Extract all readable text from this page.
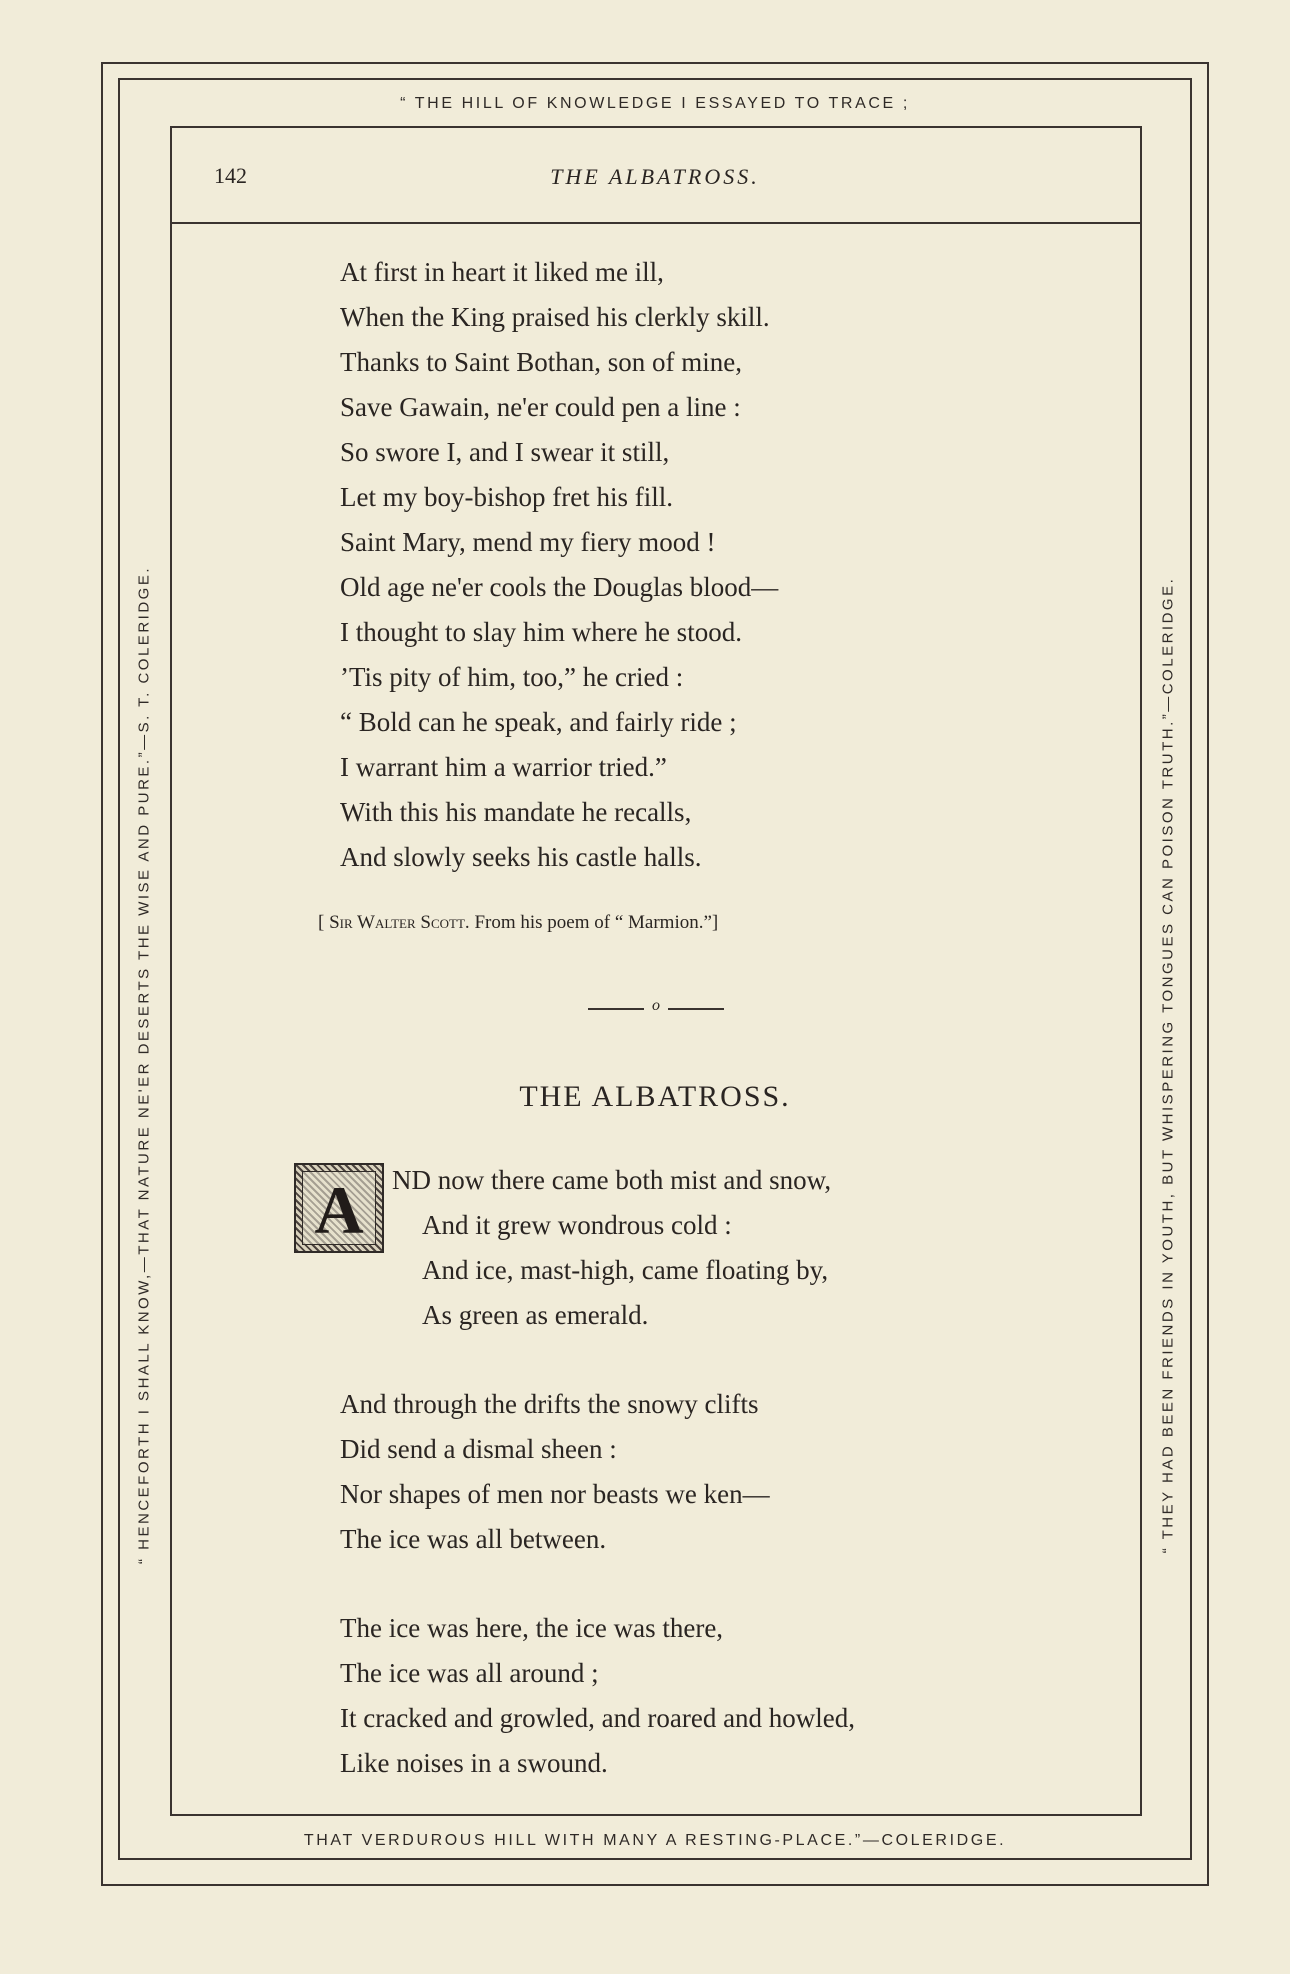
“ THE HILL OF KNOWLEDGE I ESSAYED TO TRACE ;
THAT VERDUROUS HILL WITH MANY A RESTING-PLACE.”—COLERIDGE.
“ HENCEFORTH I SHALL KNOW,—THAT NATURE NE'ER DESERTS THE WISE AND PURE.”—S. T. COLERIDGE.	“ THEY HAD BEEN FRIENDS IN YOUTH, BUT WHISPERING TONGUES CAN POISON TRUTH.”—COLERIDGE.
142	THE ALBATROSS.
At first in heart it liked me ill,
When the King praised his clerkly skill.
Thanks to Saint Bothan, son of mine,
Save Gawain, ne'er could pen a line :
So swore I, and I swear it still,
Let my boy-bishop fret his fill.
Saint Mary, mend my fiery mood !
Old age ne'er cools the Douglas blood—
I thought to slay him where he stood.
’Tis pity of him, too,” he cried :
“ Bold can he speak, and fairly ride ;
I warrant him a warrior tried.”
With this his mandate he recalls,
And slowly seeks his castle halls.
[ Sir Walter Scott. From his poem of “ Marmion.”]
o
THE ALBATROSS.
A	ND now there came both mist and snow,
And it grew wondrous cold :
And ice, mast-high, came floating by,
As green as emerald.
And through the drifts the snowy clifts
Did send a dismal sheen :
Nor shapes of men nor beasts we ken—
The ice was all between.
The ice was here, the ice was there,
The ice was all around ;
It cracked and growled, and roared and howled,
Like noises in a swound.
